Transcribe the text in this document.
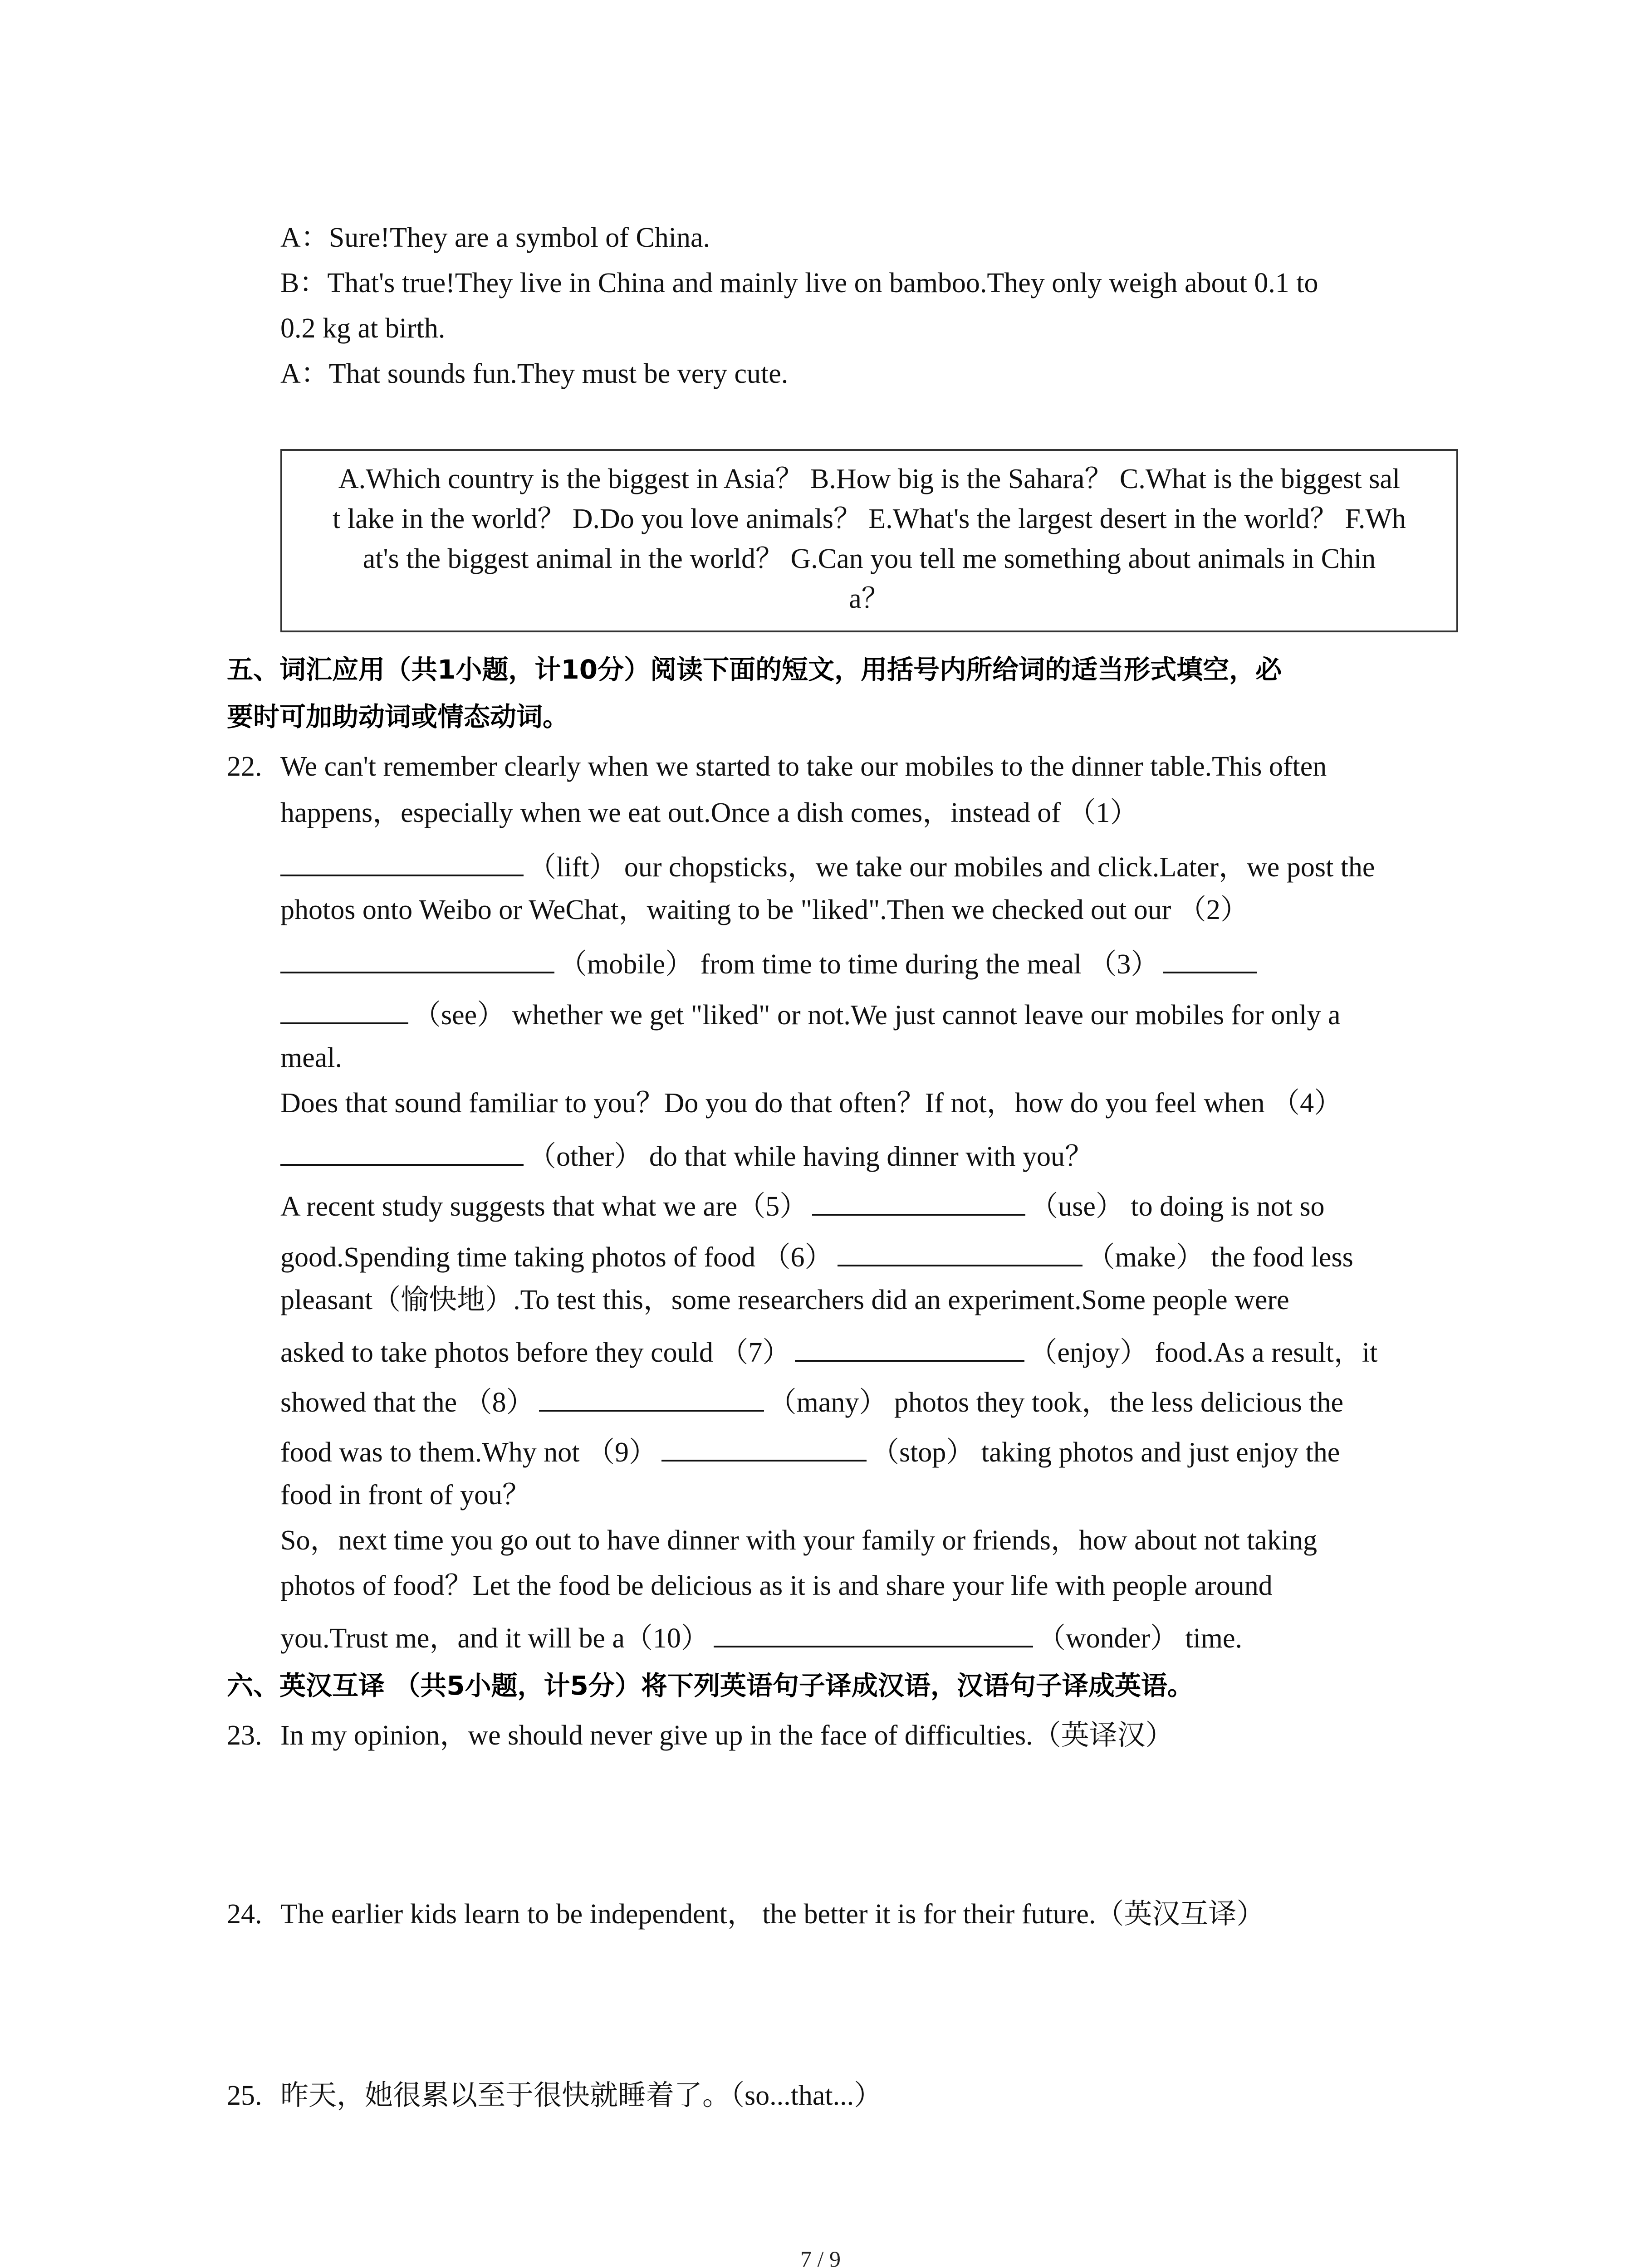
A：Sure!They are a symbol of China.
B：That's true!They live in China and mainly live on bamboo.They only weigh about 0.1 to
0.2 kg at birth.
A：That sounds fun.They must be very cute.
A.Which country is the biggest in Asia？ B.How big is the Sahara？ C.What is the biggest sal
t lake in the world？ D.Do you love animals？ E.What's the largest desert in the world？ F.Wh
at's the biggest animal in the world？ G.Can you tell me something about animals in Chin
a？
五、词汇应用（共1小题，计10分）阅读下面的短文，用括号内所给词的适当形式填空，必
要时可加助动词或情态动词。
22. We can't remember clearly when we started to take our mobiles to the dinner table.This often
happens，especially when we eat out.Once a dish comes，instead of （1）
（lift） our chopsticks，we take our mobiles and click.Later，we post the
photos onto Weibo or WeChat，waiting to be "liked".Then we checked out our （2）
（mobile） from time to time during the meal （3）
（see） whether we get "liked" or not.We just cannot leave our mobiles for only a
meal.
Does that sound familiar to you？Do you do that often？If not，how do you feel when （4）
（other） do that while having dinner with you？
A recent study suggests that what we are（5）	（use） to doing is not so
good.Spending time taking photos of food （6）	（make） the food less
pleasant（愉快地）.To test this，some researchers did an experiment.Some people were
asked to take photos before they could （7）	（enjoy） food.As a result，it
showed that the （8）	（many） photos they took，the less delicious the
food was to them.Why not （9）	（stop） taking photos and just enjoy the
food in front of you？
So，next time you go out to have dinner with your family or friends，how about not taking
photos of food？Let the food be delicious as it is and share your life with people around
you.Trust me，and it will be a（10）	（wonder） time.
六、英汉互译 （共5小题，计5分）将下列英语句子译成汉语，汉语句子译成英语。
23. In my opinion，we should never give up in the face of difficulties.（英译汉）
24. The earlier kids learn to be independent， the better it is for their future.（英汉互译）
25. 昨天，她很累以至于很快就睡着了。（so...that...）
7 / 9
